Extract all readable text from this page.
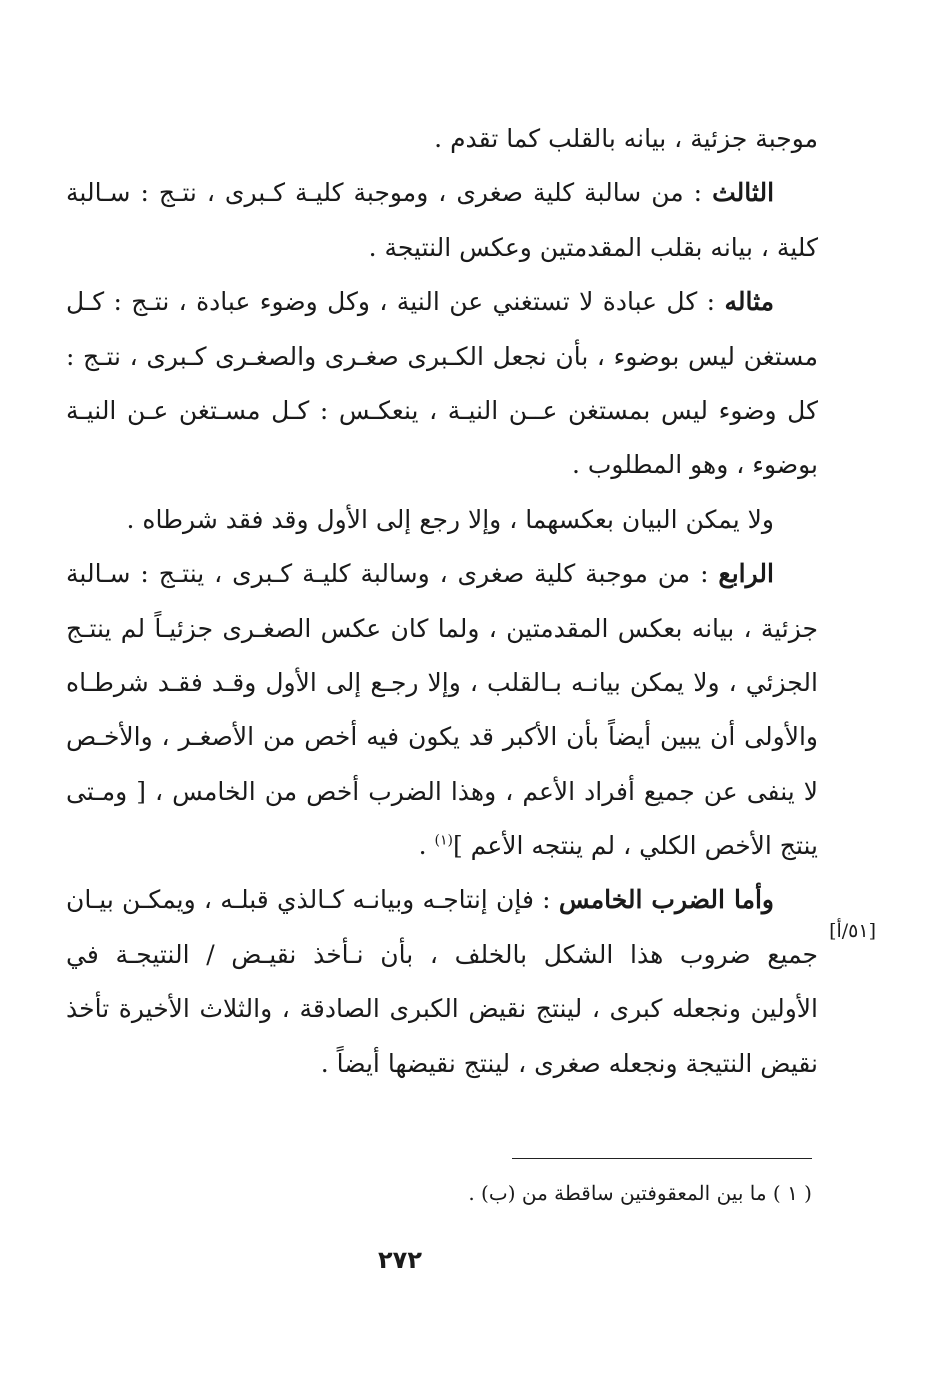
موجبة جزئية ، بيانه بالقلب كما تقدم .
الثالث : من سالبة كلية صغرى ، وموجبة كليـة كـبرى ، نتـج : سـالبة
كلية ، بيانه بقلب المقدمتين وعكس النتيجة .
مثاله : كل عبادة لا تستغني عن النية ، وكل وضوء عبادة ، نتـج : كـل
مستغن ليس بوضوء ، بأن نجعل الكـبرى صغـرى والصغـرى كـبرى ، نتـج :
كل وضوء ليس بمستغن عــن النيـة ، ينعكـس : كـل مسـتغن عـن النيـة
بوضوء ، وهو المطلوب .
ولا يمكن البيان بعكسهما ، وإلا رجع إلى الأول وقد فقد شرطاه .
الرابع : من موجبة كلية صغرى ، وسالبة كليـة كـبرى ، ينتـج : سـالبة
جزئية ، بيانه بعكس المقدمتين ، ولما كان عكس الصغـرى جزئيـاً لم ينتـج
الجزئي ، ولا يمكن بيانـه بـالقلب ، وإلا رجـع إلى الأول وقـد فقـد شرطـاه
والأولى أن يبين أيضاً بأن الأكبر قد يكون فيه أخص من الأصغـر ، والأخـص
لا ينفى عن جميع أفراد الأعم ، وهذا الضرب أخص من الخامس ، [ ومـتى
ينتج الأخص الكلي ، لم ينتجه الأعم ]$^{(١)}$ .
وأما الضرب الخامس : فإن إنتاجـه وبيانـه كـالذي قبلـه ، ويمكـن بيـان
جميع ضروب هذا الشكل بالخلف ، بأن نـأخذ نقيـض / النتيجـة في
الأولين ونجعله كبرى ، لينتج نقيض الكبرى الصادقة ، والثلاث الأخيرة تأخذ
نقيض النتيجة ونجعله صغرى ، لينتج نقيضها أيضاً .
[٥١/أ]
( ١ ) ما بين المعقوفتين ساقطة من (ب) .
٢٧٢
